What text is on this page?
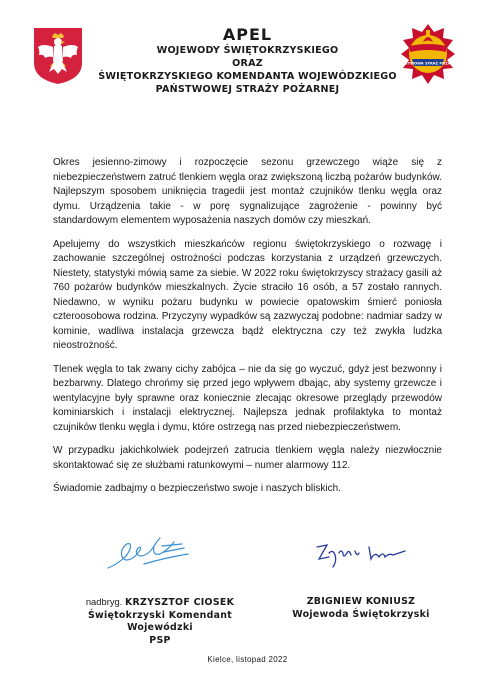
APEL
WOJEWODY ŚWIĘTOKRZYSKIEGO
ORAZ
ŚWIĘTOKRZYSKIEGO KOMENDANTA WOJEWÓDZKIEGO
PAŃSTWOWEJ STRAŻY POŻARNEJ
PAŃSTWOWA STRAŻ POŻARNA

Okres jesienno-zimowy i rozpoczęcie sezonu grzewczego wiąże się z niebezpieczeństwem zatruć tlenkiem węgla oraz zwiększoną liczbą pożarów budynków. Najlepszym sposobem uniknięcia tragedii jest montaż czujników tlenku węgla oraz dymu. Urządzenia takie - w porę sygnalizujące zagrożenie - powinny być standardowym elementem wyposażenia naszych domów czy mieszkań.

Apelujemy do wszystkich mieszkańców regionu świętokrzyskiego o rozwagę i zachowanie szczególnej ostrożności podczas korzystania z urządzeń grzewczych. Niestety, statystyki mówią same za siebie. W 2022 roku świętokrzyscy strażacy gasili aż 760 pożarów budynków mieszkalnych. Życie straciło 16 osób, a 57 zostało rannych. Niedawno, w wyniku pożaru budynku w powiecie opatowskim śmierć poniosła czteroosobowa rodzina. Przyczyny wypadków są zazwyczaj podobne: nadmiar sadzy w kominie, wadliwa instalacja grzewcza bądź elektryczna czy też zwykła ludzka nieostrożność.

Tlenek węgla to tak zwany cichy zabójca – nie da się go wyczuć, gdyż jest bezwonny i bezbarwny. Dlatego chrońmy się przed jego wpływem dbając, aby systemy grzewcze i wentylacyjne były sprawne oraz koniecznie zlecając okresowe przeglądy przewodów kominiarskich i instalacji elektrycznej. Najlepsza jednak profilaktyka to montaż czujników tlenku węgla i dymu, które ostrzegą nas przed niebezpieczeństwem.

W przypadku jakichkolwiek podejrzeń zatrucia tlenkiem węgla należy niezwłocznie skontaktować się ze służbami ratunkowymi – numer alarmowy 112.

Świadomie zadbajmy o bezpieczeństwo swoje i naszych bliskich.

nadbryg. KRZYSZTOF CIOSEK
Świętokrzyski Komendant Wojewódzki
PSP
ZBIGNIEW KONIUSZ
Wojewoda Świętokrzyski
Kielce, listopad 2022
